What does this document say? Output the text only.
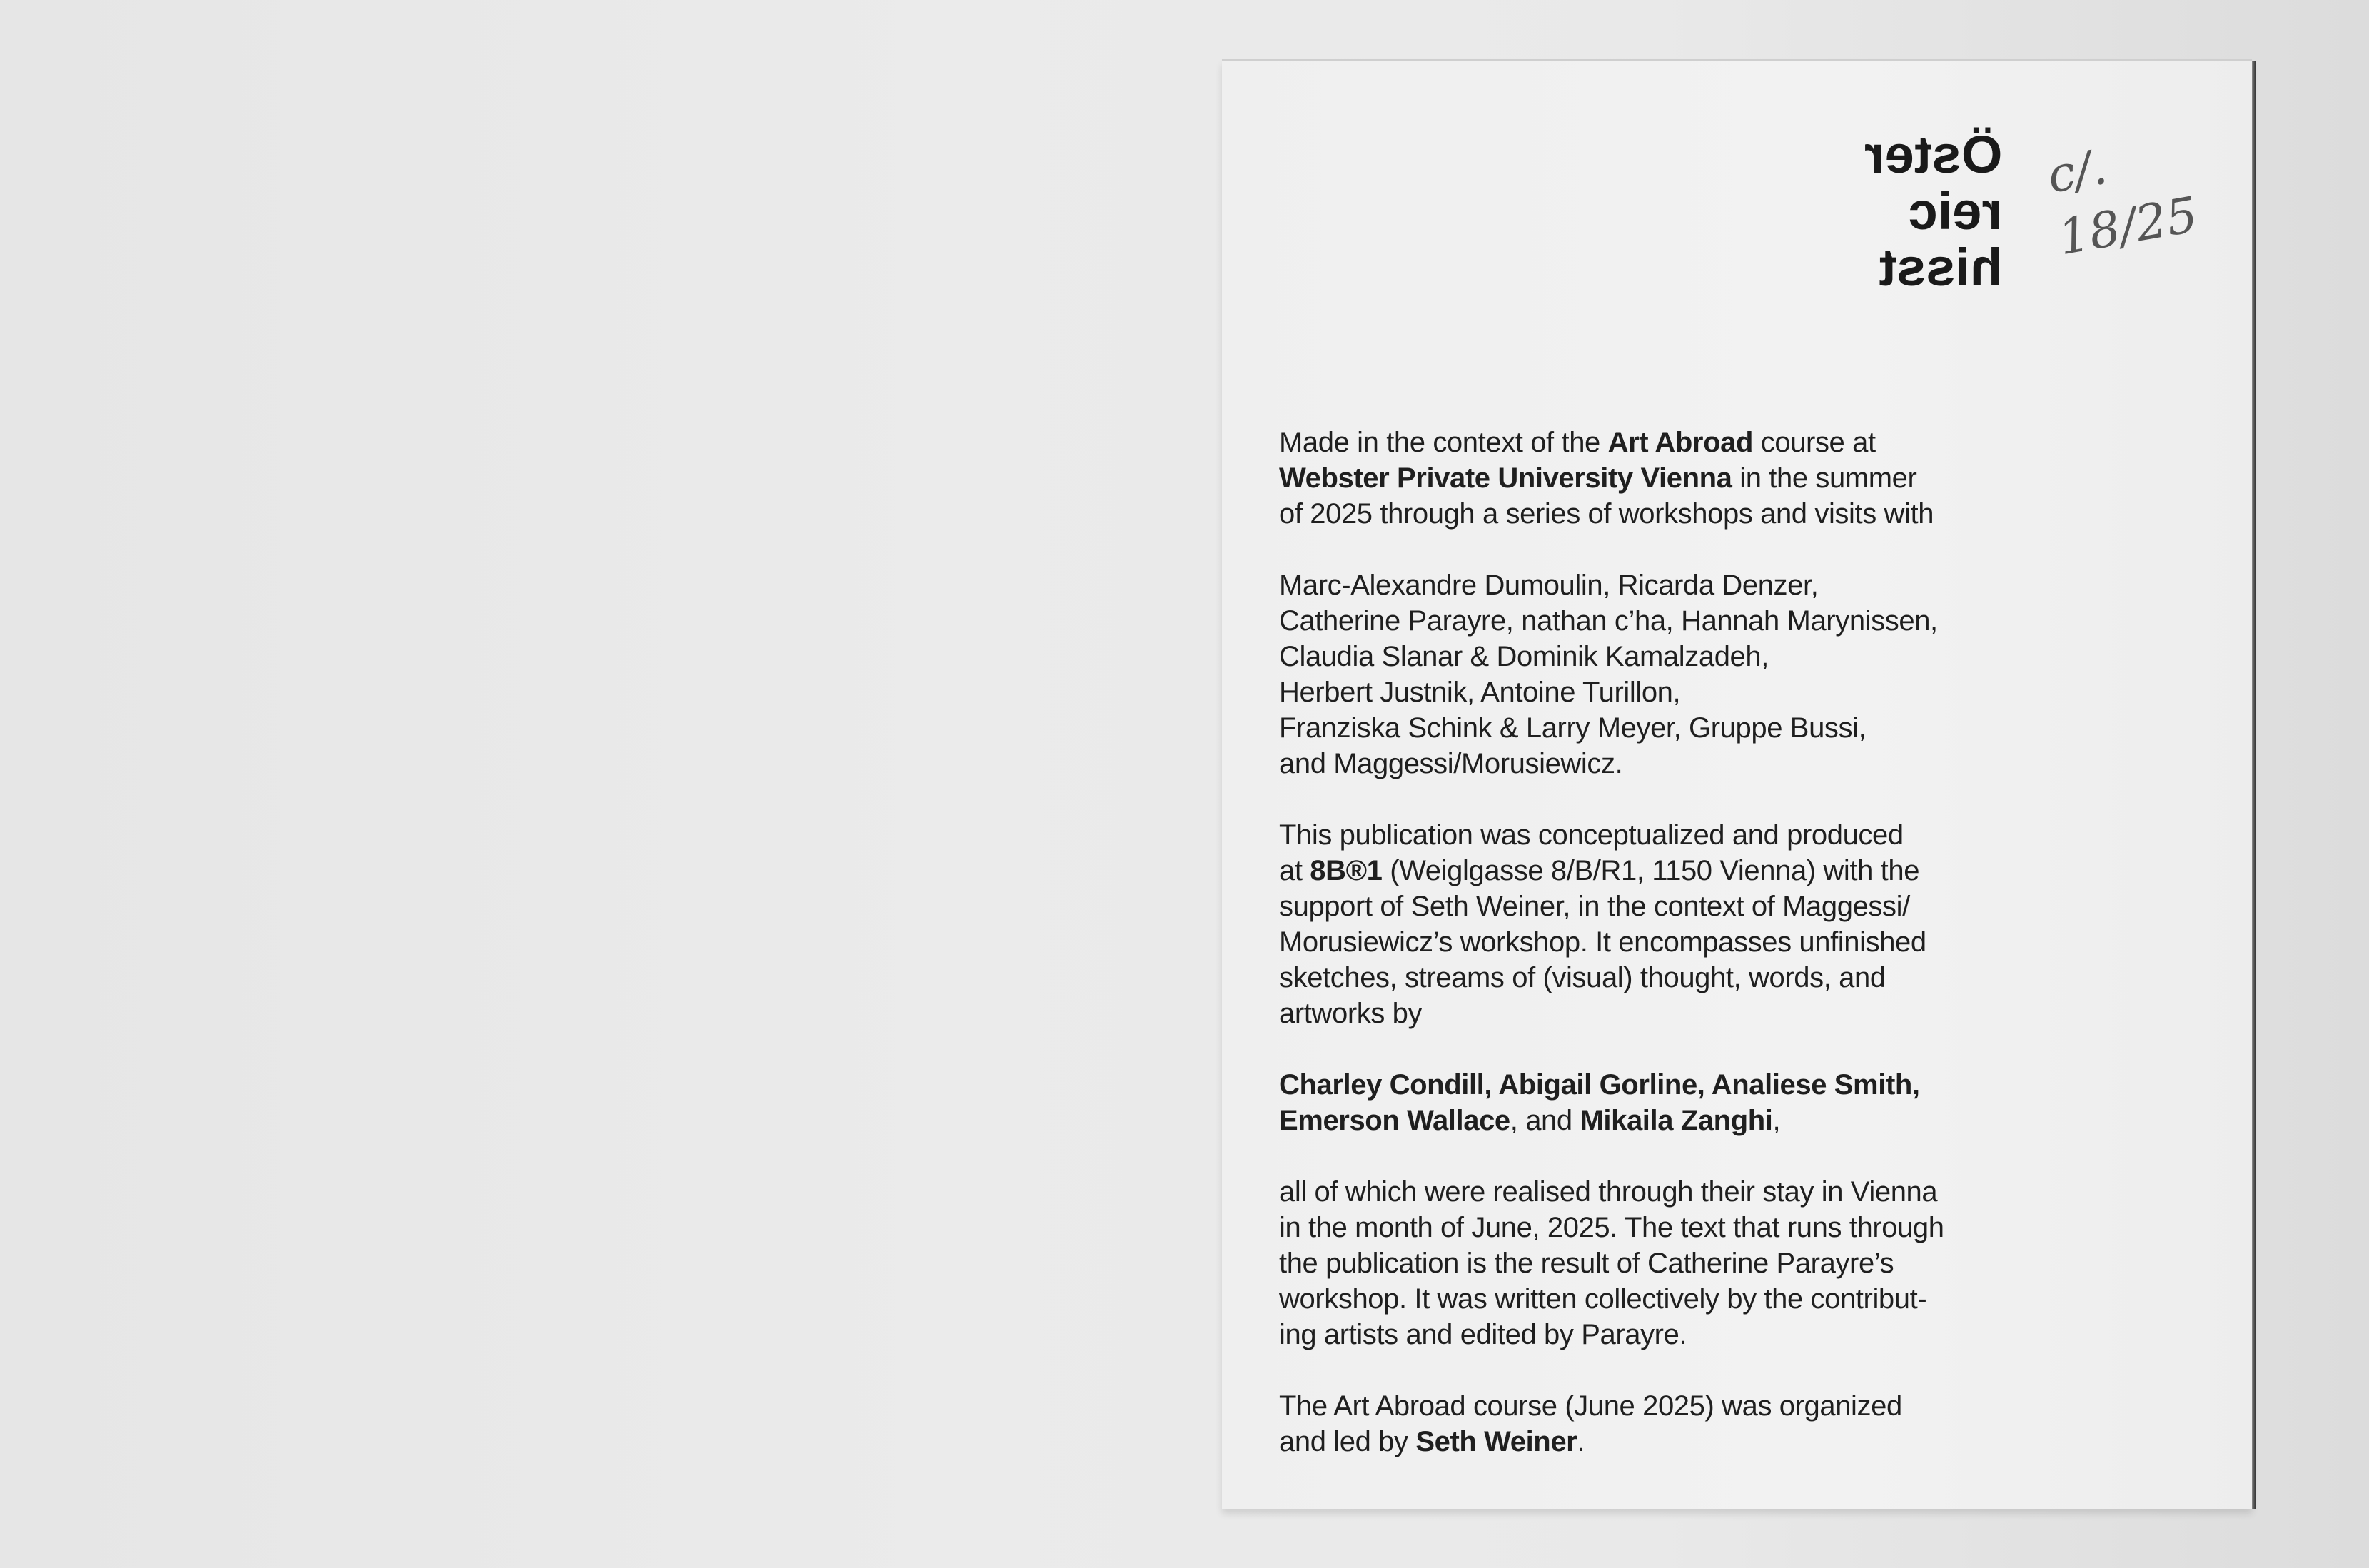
Öster
reic
hisst
c/. 18/25
Made in the context of the Art Abroad course at
Webster Private University Vienna in the summer
of 2025 through a series of workshops and visits with
Marc-Alexandre Dumoulin, Ricarda Denzer,
Catherine Parayre, nathan c’ha, Hannah Marynissen,
Claudia Slanar & Dominik Kamalzadeh,
Herbert Justnik, Antoine Turillon,
Franziska Schink & Larry Meyer, Gruppe Bussi,
and Maggessi/Morusiewicz.
This publication was conceptualized and produced
at 8B®1 (Weiglgasse 8/B/R1, 1150 Vienna) with the
support of Seth Weiner, in the context of Maggessi/
Morusiewicz’s workshop. It encompasses unfinished
sketches, streams of (visual) thought, words, and
artworks by
Charley Condill, Abigail Gorline, Analiese Smith,
Emerson Wallace, and Mikaila Zanghi,
all of which were realised through their stay in Vienna
in the month of June, 2025. The text that runs through
the publication is the result of Catherine Parayre’s
workshop. It was written collectively by the contribut-
ing artists and edited by Parayre.
The Art Abroad course (June 2025) was organized
and led by Seth Weiner.
